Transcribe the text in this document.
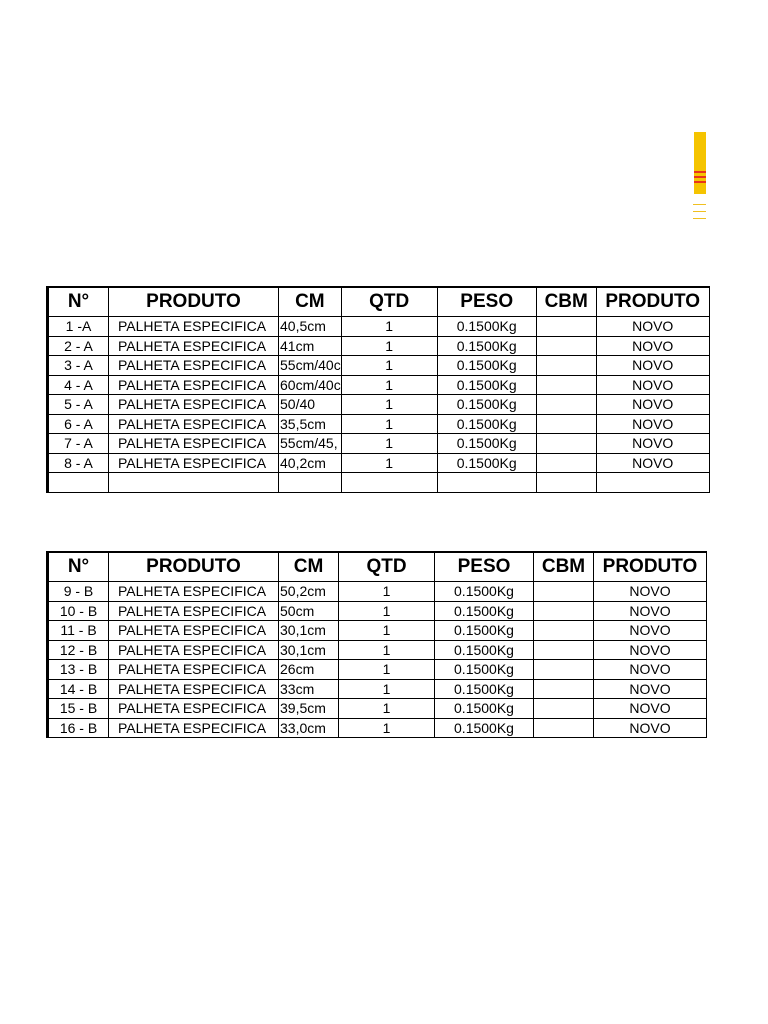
N°	PRODUTO	CM	QTD	PESO	CBM	PRODUTO
1 -A	PALHETA ESPECIFICA	40,5cm	1	0.1500Kg		NOVO
2 - A	PALHETA ESPECIFICA	41cm	1	0.1500Kg		NOVO
3 - A	PALHETA ESPECIFICA	55cm/40c	1	0.1500Kg		NOVO
4 - A	PALHETA ESPECIFICA	60cm/40c	1	0.1500Kg		NOVO
5 - A	PALHETA ESPECIFICA	50/40	1	0.1500Kg		NOVO
6 - A	PALHETA ESPECIFICA	35,5cm	1	0.1500Kg		NOVO
7 - A	PALHETA ESPECIFICA	55cm/45,	1	0.1500Kg		NOVO
8 - A	PALHETA ESPECIFICA	40,2cm	1	0.1500Kg		NOVO

N°	PRODUTO	CM	QTD	PESO	CBM	PRODUTO
9 - B	PALHETA ESPECIFICA	50,2cm	1	0.1500Kg		NOVO
10 - B	PALHETA ESPECIFICA	50cm	1	0.1500Kg		NOVO
11 - B	PALHETA ESPECIFICA	30,1cm	1	0.1500Kg		NOVO
12 - B	PALHETA ESPECIFICA	30,1cm	1	0.1500Kg		NOVO
13 - B	PALHETA ESPECIFICA	26cm	1	0.1500Kg		NOVO
14 - B	PALHETA ESPECIFICA	33cm	1	0.1500Kg		NOVO
15 - B	PALHETA ESPECIFICA	39,5cm	1	0.1500Kg		NOVO
16 - B	PALHETA ESPECIFICA	33,0cm	1	0.1500Kg		NOVO
